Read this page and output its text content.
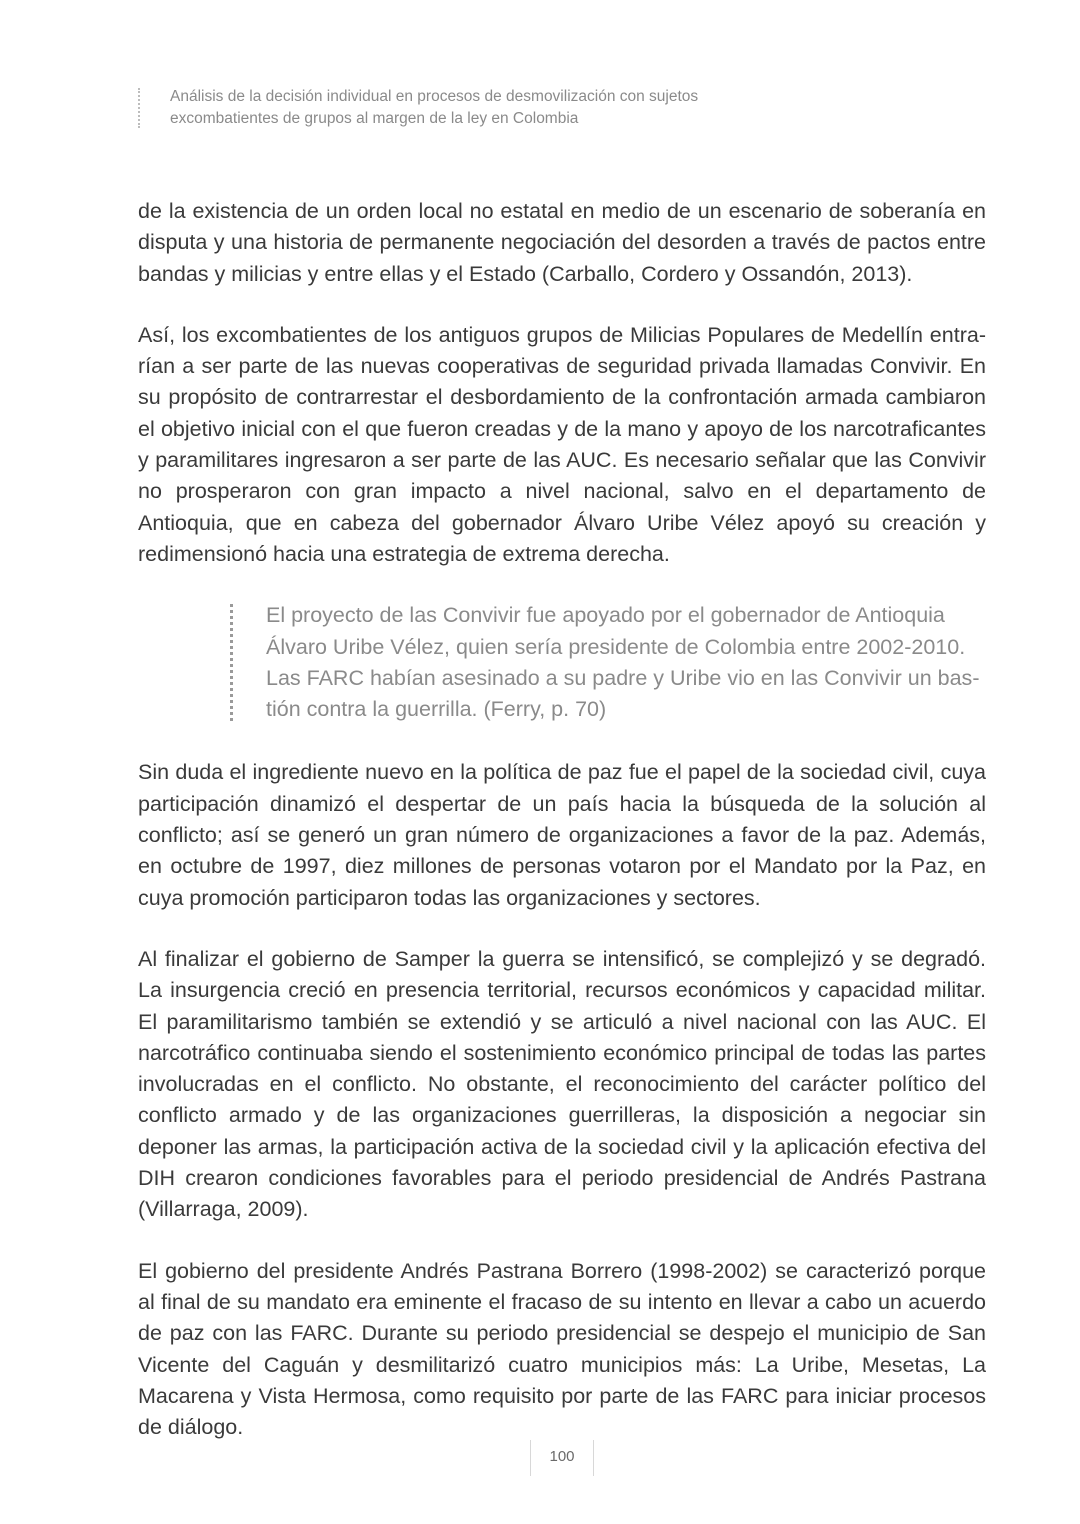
Análisis de la decisión individual en procesos de desmovilización con sujetos
excombatientes de grupos al margen de la ley en Colombia

de la existencia de un orden local no estatal en medio de un escenario de soberanía en disputa y una historia de permanente negociación del desorden a través de pactos entre bandas y milicias y entre ellas y el Estado (Carballo, Cordero y Ossandón, 2013).

Así, los excombatientes de los antiguos grupos de Milicias Populares de Medellín entrarían a ser parte de las nuevas cooperativas de seguridad privada llamadas Convivir. En su propósito de contrarrestar el desbordamiento de la confrontación armada cambiaron el objetivo inicial con el que fueron creadas y de la mano y apoyo de los narcotraficantes y paramilitares ingresaron a ser parte de las AUC. Es necesario señalar que las Convivir no prosperaron con gran impacto a nivel nacional, salvo en el departamento de Antioquia, que en cabeza del gobernador Álvaro Uribe Vélez apoyó su creación y redimensionó hacia una estrategia de extrema derecha.

El proyecto de las Convivir fue apoyado por el gobernador de Antioquia Álvaro Uribe Vélez, quien sería presidente de Colombia entre 2002-2010. Las FARC habían asesinado a su padre y Uribe vio en las Convivir un bastión contra la guerrilla. (Ferry, p. 70)

Sin duda el ingrediente nuevo en la política de paz fue el papel de la sociedad civil, cuya participación dinamizó el despertar de un país hacia la búsqueda de la solución al conflicto; así se generó un gran número de organizaciones a favor de la paz. Además, en octubre de 1997, diez millones de personas votaron por el Mandato por la Paz, en cuya promoción participaron todas las organizaciones y sectores.

Al finalizar el gobierno de Samper la guerra se intensificó, se complejizó y se degradó. La insurgencia creció en presencia territorial, recursos económicos y capacidad militar. El paramilitarismo también se extendió y se articuló a nivel nacional con las AUC. El narcotráfico continuaba siendo el sostenimiento económico principal de todas las partes involucradas en el conflicto. No obstante, el reconocimiento del carácter político del conflicto armado y de las organizaciones guerrilleras, la disposición a negociar sin deponer las armas, la participación activa de la sociedad civil y la aplicación efectiva del DIH crearon condiciones favorables para el periodo presidencial de Andrés Pastrana (Villarraga, 2009).

El gobierno del presidente Andrés Pastrana Borrero (1998-2002) se caracterizó porque al final de su mandato era eminente el fracaso de su intento en llevar a cabo un acuerdo de paz con las FARC. Durante su periodo presidencial se despejo el municipio de San Vicente del Caguán y desmilitarizó cuatro municipios más: La Uribe, Mesetas, La Macarena y Vista Hermosa, como requisito por parte de las FARC para iniciar procesos de diálogo.

100
